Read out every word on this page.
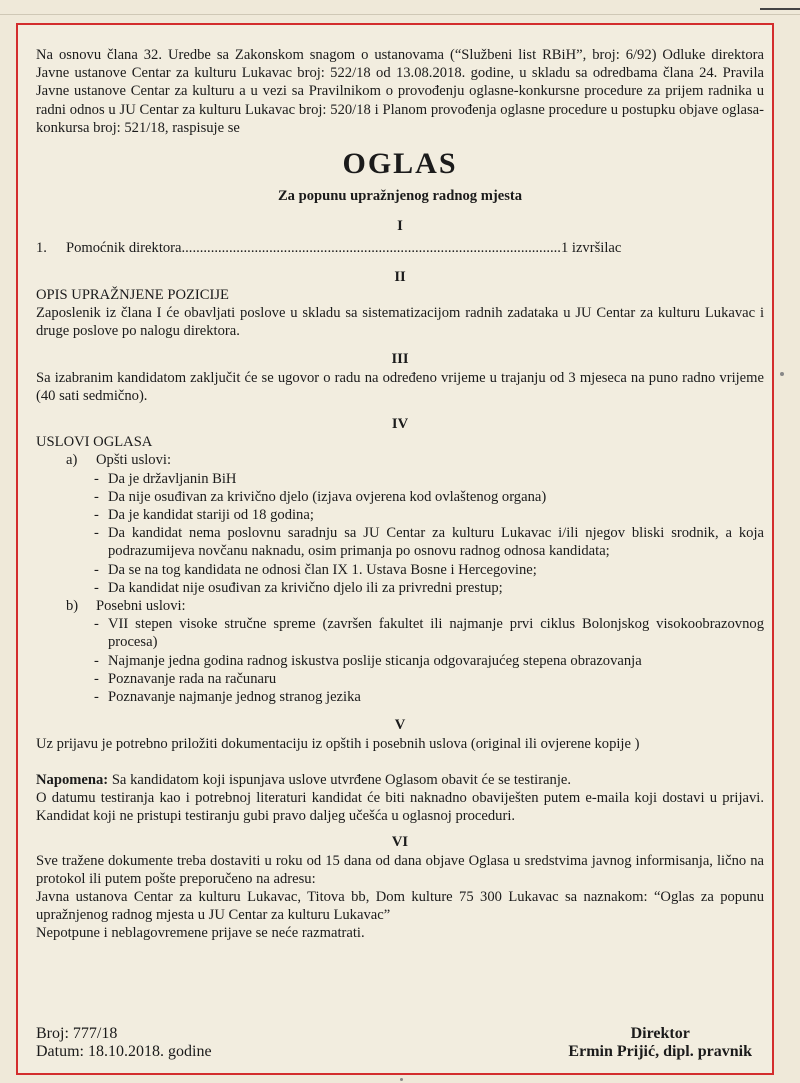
Na osnovu člana 32. Uredbe sa Zakonskom snagom o ustanovama (“Službeni list RBiH”, broj: 6/92) Odluke direktora Javne ustanove Centar za kulturu Lukavac broj: 522/18 od 13.08.2018. godine, u skladu sa odredbama člana 24. Pravila Javne ustanove Centar za kulturu a u vezi sa Pravilnikom o provođenju oglasne-konkursne procedure za prijem radnika u radni odnos u JU Centar za kulturu Lukavac broj: 520/18 i Planom provođenja oglasne procedure u postupku objave oglasa-konkursa broj: 521/18, raspisuje se

OGLAS
Za popunu upražnjenog radnog mjesta
I
1.	Pomoćnik direktora........................................................................................................1 izvršilac
II

OPIS UPRAŽNJENE POZICIJE

Zaposlenik iz člana I će obavljati poslove u skladu sa sistematizacijom radnih zadataka u JU Centar za kulturu Lukavac i druge poslove po nalogu direktora.

III

Sa izabranim kandidatom zaključit će se ugovor o radu na određeno vrijeme u trajanju od 3 mjeseca na puno radno vrijeme (40 sati sedmično).

IV

USLOVI OGLASA

a)	Opšti uslovi:
- Da je državljanin BiH
- Da nije osuđivan za krivično djelo (izjava ovjerena kod ovlaštenog organa)
- Da je kandidat stariji od 18 godina;
- Da kandidat nema poslovnu saradnju sa JU Centar za kulturu Lukavac i/ili njegov bliski srodnik, a koja podrazumijeva novčanu naknadu, osim primanja po osnovu radnog odnosa kandidata;
- Da se na tog kandidata ne odnosi član IX 1. Ustava Bosne i Hercegovine;
- Da kandidat nije osuđivan za krivično djelo ili za privredni prestup;
b)	Posebni uslovi:
- VII stepen visoke stručne spreme (završen fakultet ili najmanje prvi ciklus Bolonjskog visokoobrazovnog procesa)
- Najmanje jedna godina radnog iskustva poslije sticanja odgovarajućeg stepena obrazovanja
- Poznavanje rada na računaru
- Poznavanje najmanje jednog stranog jezika
V

Uz prijavu je potrebno priložiti dokumentaciju iz opštih i posebnih uslova (original ili ovjerene kopije )

Napomena: Sa kandidatom koji ispunjava uslove utvrđene Oglasom obavit će se testiranje.

O datumu testiranja kao i potrebnoj literaturi kandidat će biti naknadno obaviješten putem e-maila koji dostavi u prijavi. Kandidat koji ne pristupi testiranju gubi pravo daljeg učešća u oglasnoj proceduri.

VI

Sve tražene dokumente treba dostaviti u roku od 15 dana od dana objave Oglasa u sredstvima javnog informisanja, lično na protokol ili putem pošte preporučeno na adresu:

Javna ustanova Centar za kulturu Lukavac, Titova bb, Dom kulture 75 300 Lukavac sa naznakom: “Oglas za popunu upražnjenog radnog mjesta u JU Centar za kulturu Lukavac”

Nepotpune i neblagovremene prijave se neće razmatrati.

Broj: 777/18
Datum: 18.10.2018. godine
Direktor
Ermin Prijić, dipl. pravnik
